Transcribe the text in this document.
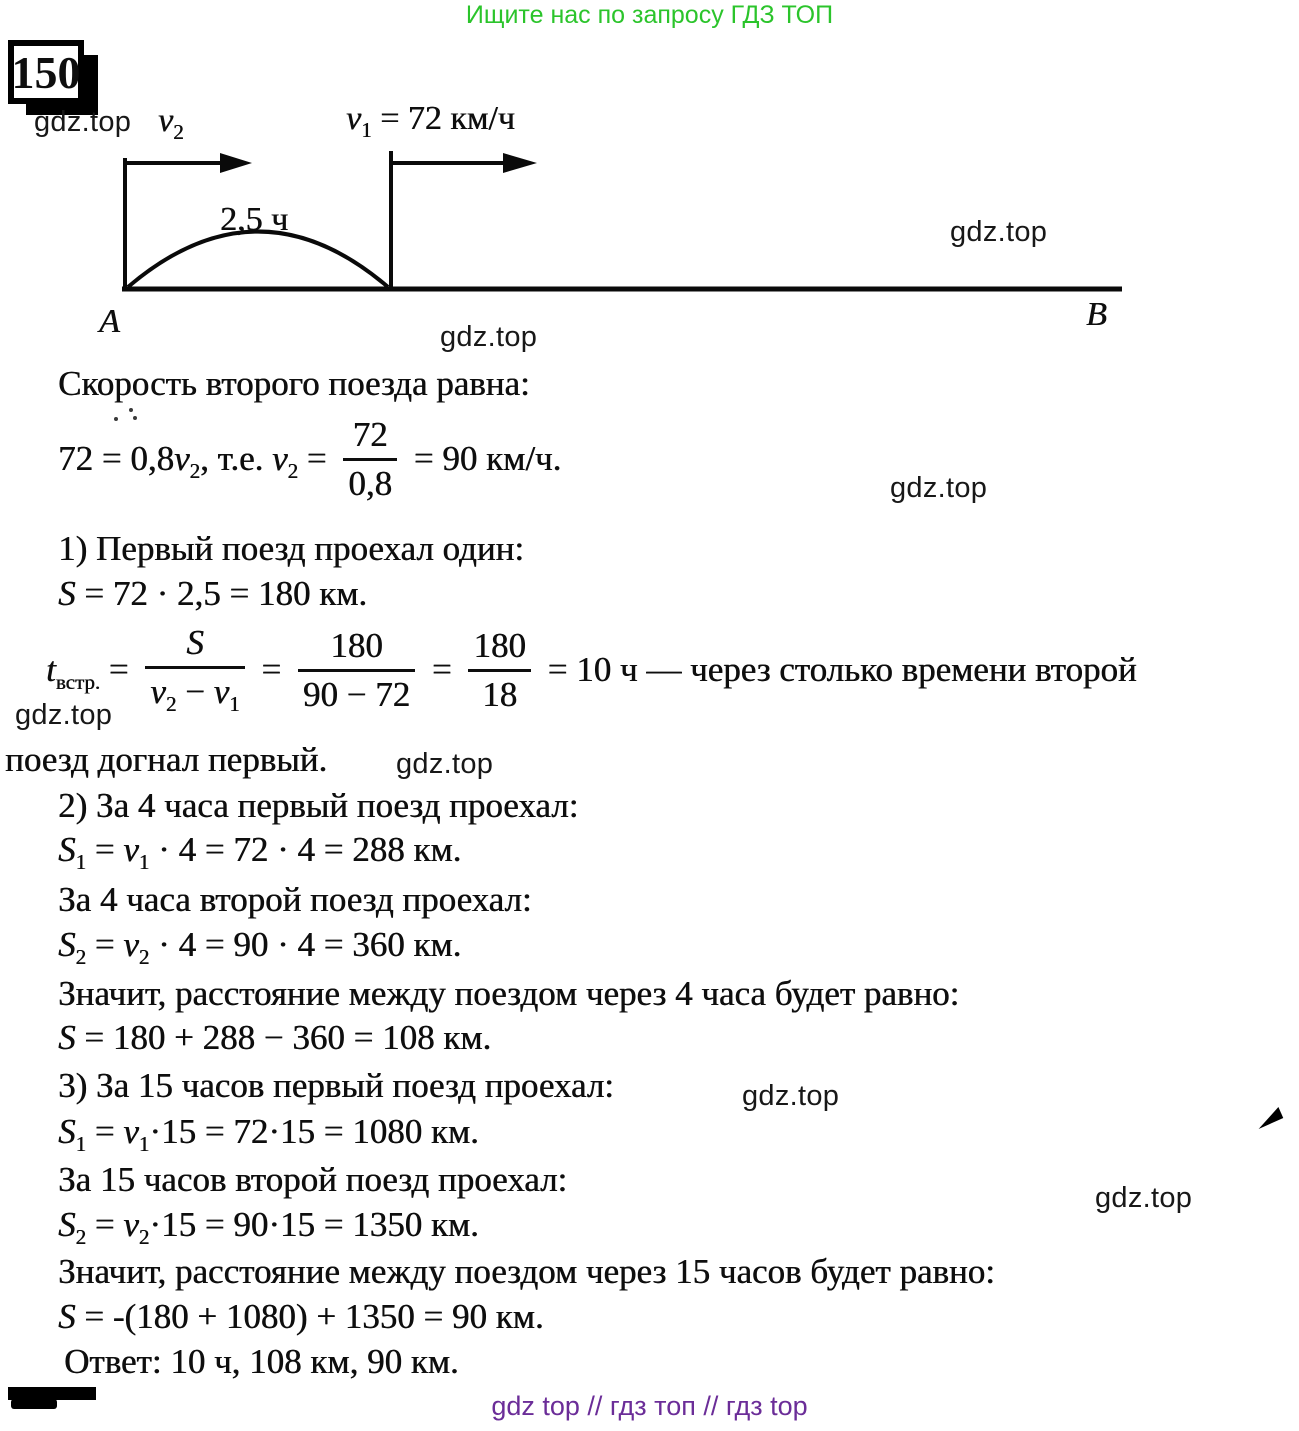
Ищите нас по запросу ГДЗ ТОП
150
$v_2$	$v_1 = 72$ км/ч
2,5 ч
A	B
gdz.top
gdz.top
gdz.top
gdz.top
gdz.top
gdz.top
gdz.top
gdz.top
Скорость второго поезда равна:
72 = 0,8 $v_2$ , т.е. $v_2 = \frac{72}{0,8} = 90$ км/ч.
1) Первый поезд проехал один:
S = 72 · 2,5 = 180 км.
$t_{встр.} = \frac{S}{v_2 - v_1} = \frac{180}{90 - 72} = \frac{180}{18} = 10$ ч — через столько времени второй
поезд догнал первый.
2) За 4 часа первый поезд проехал:
$S_1 = v_1 \cdot 4 = 72 \cdot 4 = 288$ км.
За 4 часа второй поезд проехал:
$S_2 = v_2 \cdot 4 = 90 \cdot 4 = 360$ км.
Значит, расстояние между поездом через 4 часа будет равно:
S = 180 + 288 − 360 = 108 км.
3) За 15 часов первый поезд проехал:
$S_1 = v_1\cdot 15 = 72\cdot 15 = 1080$ км.
За 15 часов второй поезд проехал:
$S_2 = v_2\cdot 15 = 90\cdot 15 = 1350$ км.
Значит, расстояние между поездом через 15 часов будет равно:
S = -(180 + 1080) + 1350 = 90 км.
Ответ: 10 ч, 108 км, 90 км.
gdz top // гдз топ // гдз top
